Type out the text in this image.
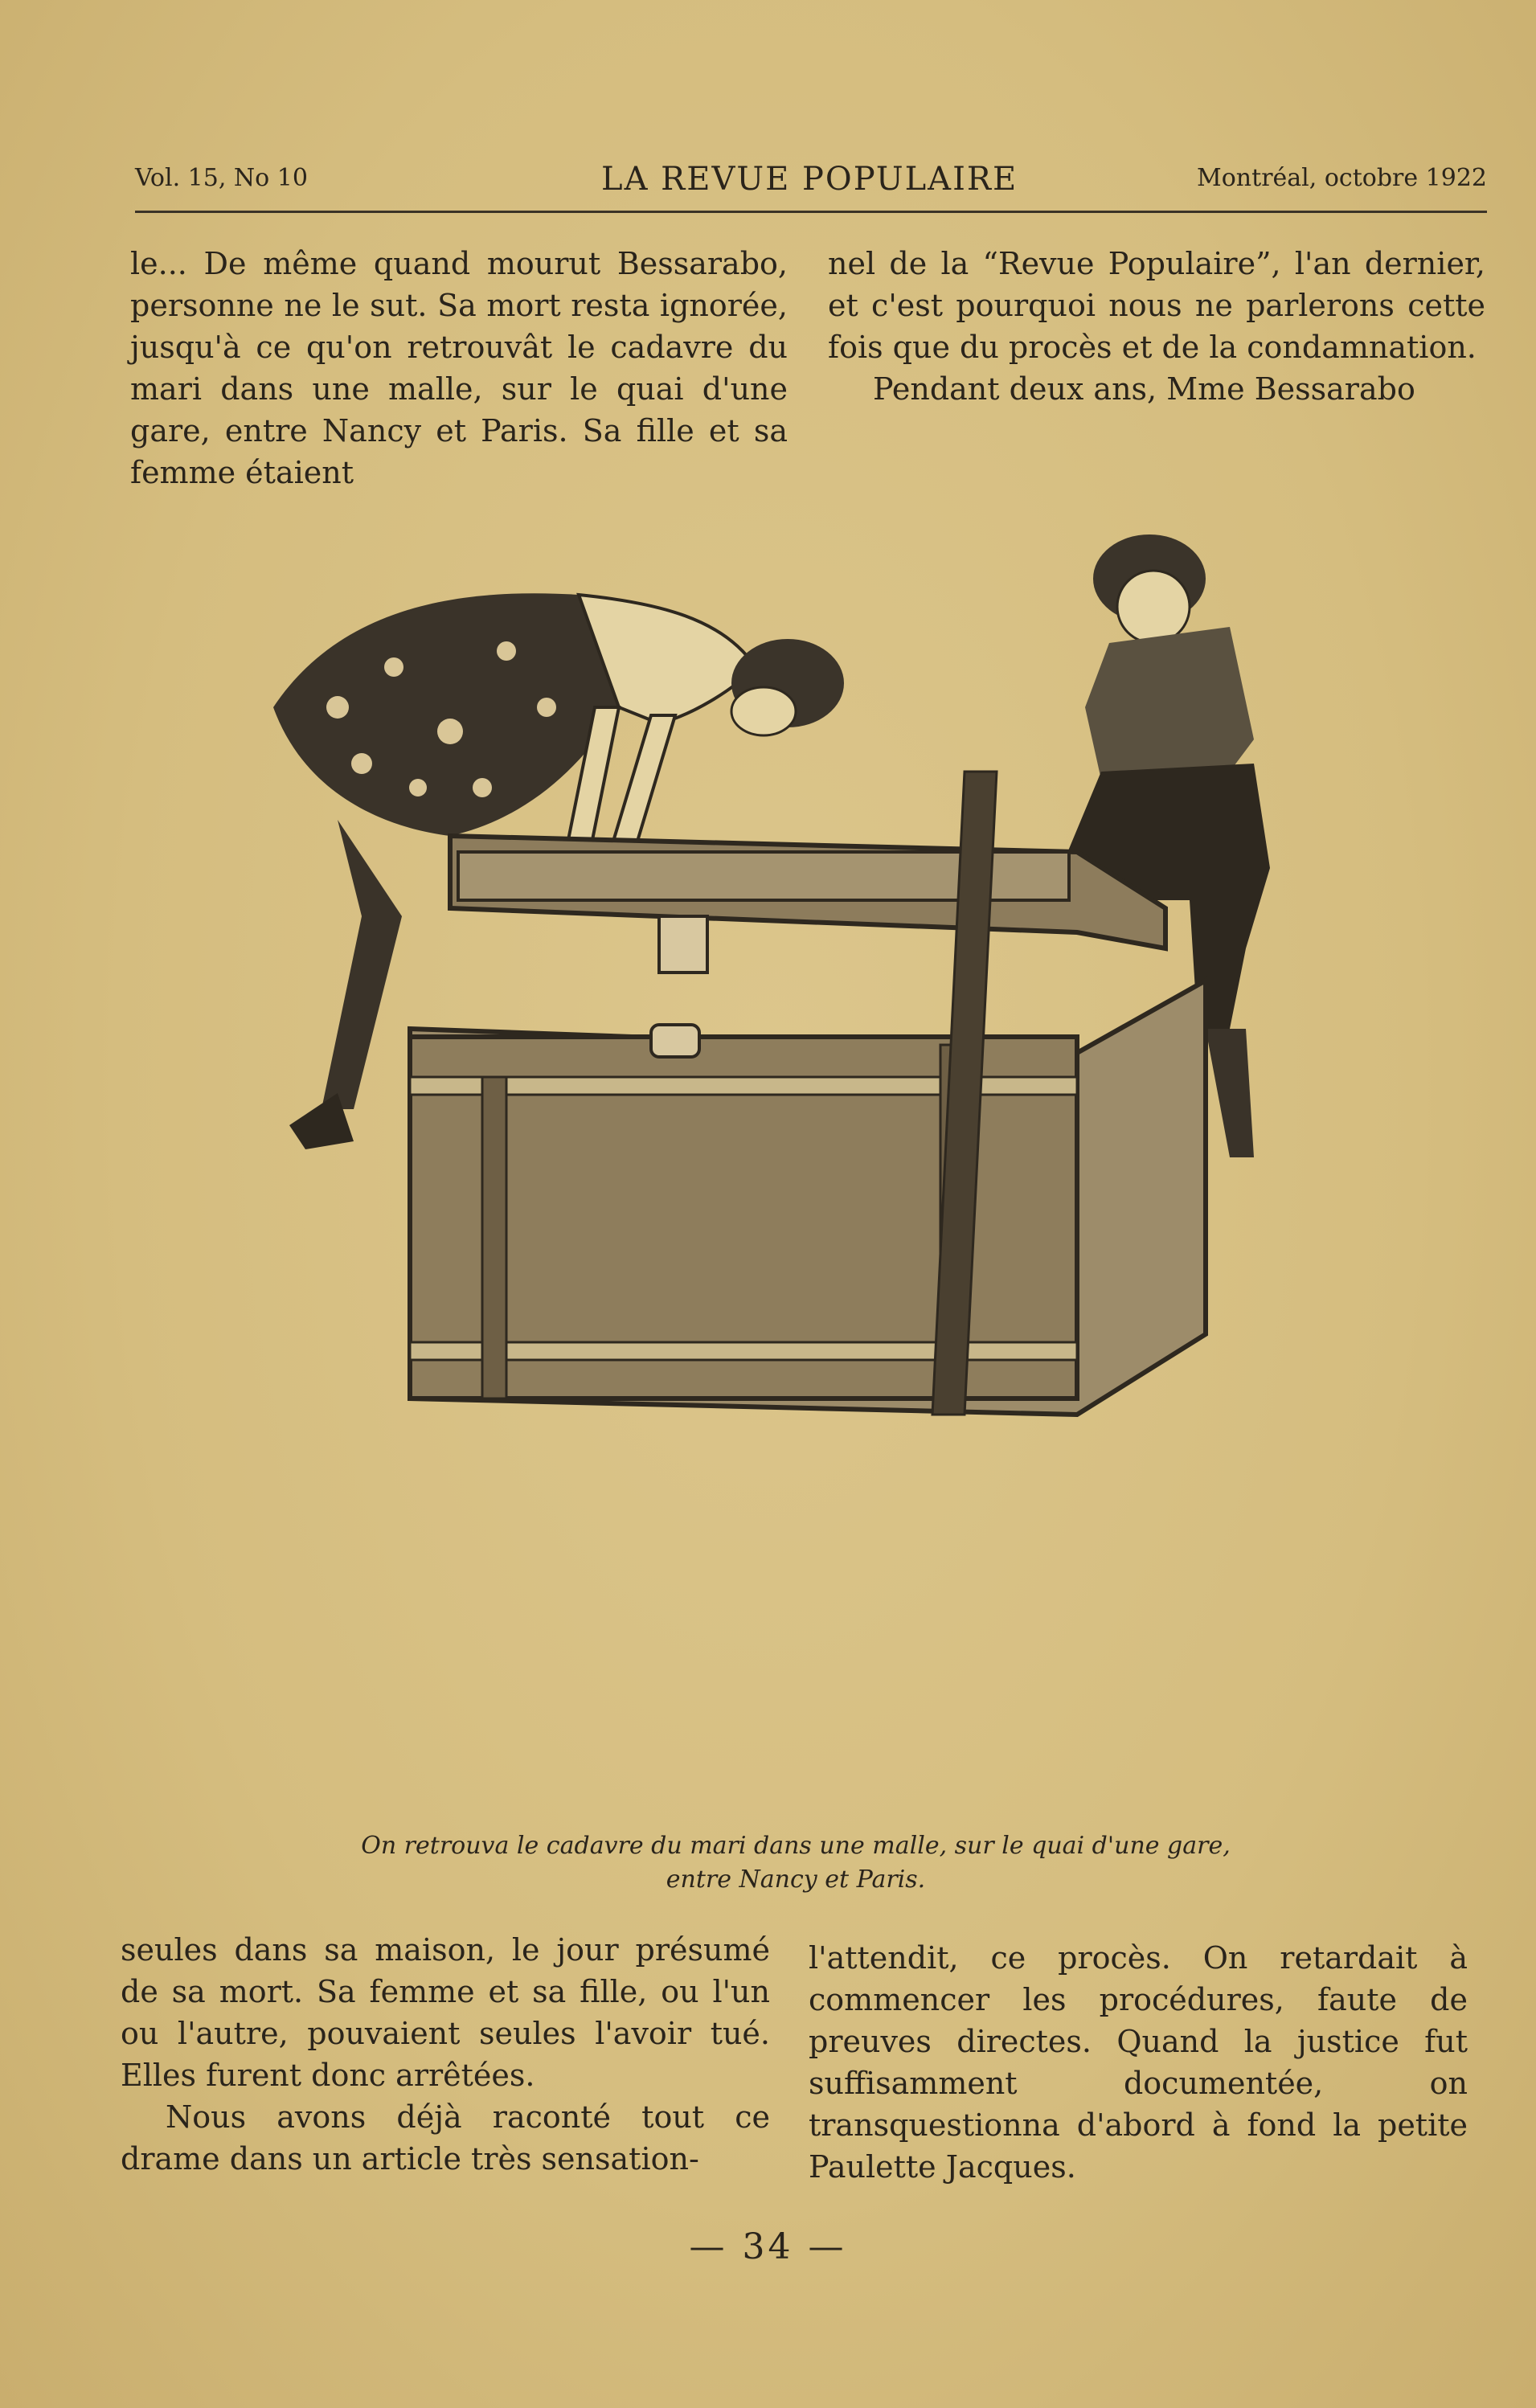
Vol. 15, No 10	LA REVUE POPULAIRE	Montréal, octobre 1922

le... De même quand mourut Bessarabo, personne ne le sut. Sa mort resta ignorée, jusqu'à ce qu'on retrouvât le cadavre du mari dans une malle, sur le quai d'une gare, entre Nancy et Paris. Sa fille et sa femme étaient

nel de la “Revue Populaire”, l'an dernier, et c'est pourquoi nous ne parlerons cette fois que du procès et de la condamnation.

Pendant deux ans, Mme Bessarabo

On retrouva le cadavre du mari dans une malle, sur le quai d'une gare, entre Nancy et Paris.

seules dans sa maison, le jour présumé de sa mort. Sa femme et sa fille, ou l'un ou l'autre, pouvaient seules l'avoir tué. Elles furent donc arrêtées.

Nous avons déjà raconté tout ce drame dans un article très sensation-

l'attendit, ce procès. On retardait à commencer les procédures, faute de preuves directes. Quand la justice fut suffisamment documentée, on transquestionna d'abord à fond la petite Paulette Jacques.

— 34 —
